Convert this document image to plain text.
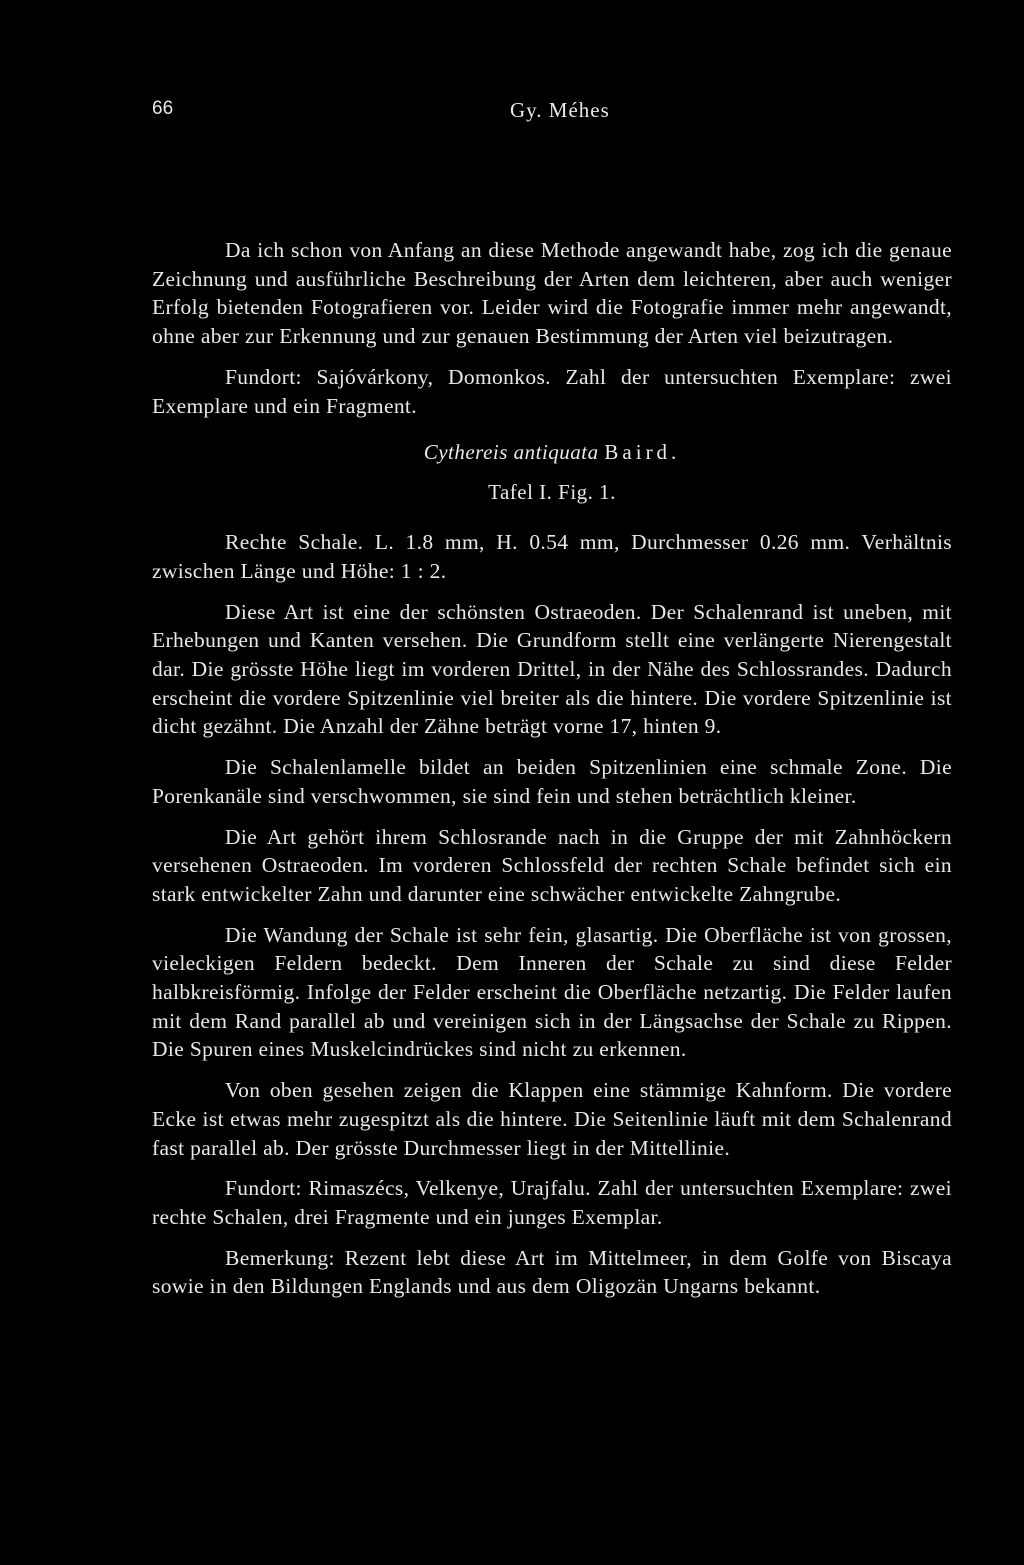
66	Gy. Méhes

Da ich schon von Anfang an diese Methode angewandt habe, zog ich die genaue Zeichnung und ausführliche Beschreibung der Arten dem leichteren, aber auch weniger Erfolg bietenden Fotografieren vor. Leider wird die Fotografie immer mehr angewandt, ohne aber zur Erkennung und zur genauen Bestimmung der Arten viel beizutragen.

Fundort: Sajóvárkony, Domonkos. Zahl der untersuchten Exemplare: zwei Exemplare und ein Fragment.

Cythereis antiquata Baird.
Tafel I. Fig. 1.

Rechte Schale. L. 1.8 mm, H. 0.54 mm, Durchmesser 0.26 mm. Verhältnis zwischen Länge und Höhe: 1 : 2.

Diese Art ist eine der schönsten Ostraeoden. Der Schalenrand ist uneben, mit Erhebungen und Kanten versehen. Die Grundform stellt eine verlängerte Nierengestalt dar. Die grösste Höhe liegt im vorderen Drittel, in der Nähe des Schlossrandes. Dadurch erscheint die vordere Spitzenlinie viel breiter als die hintere. Die vordere Spitzenlinie ist dicht gezähnt. Die Anzahl der Zähne beträgt vorne 17, hinten 9.

Die Schalenlamelle bildet an beiden Spitzenlinien eine schmale Zone. Die Porenkanäle sind verschwommen, sie sind fein und stehen beträchtlich kleiner.

Die Art gehört ihrem Schlosrande nach in die Gruppe der mit Zahnhöckern versehenen Ostraeoden. Im vorderen Schlossfeld der rechten Schale befindet sich ein stark entwickelter Zahn und darunter eine schwächer entwickelte Zahngrube.

Die Wandung der Schale ist sehr fein, glasartig. Die Oberfläche ist von grossen, vieleckigen Feldern bedeckt. Dem Inneren der Schale zu sind diese Felder halbkreisförmig. Infolge der Felder erscheint die Oberfläche netzartig. Die Felder laufen mit dem Rand parallel ab und vereinigen sich in der Längsachse der Schale zu Rippen. Die Spuren eines Muskelcindrückes sind nicht zu erkennen.

Von oben gesehen zeigen die Klappen eine stämmige Kahnform. Die vordere Ecke ist etwas mehr zugespitzt als die hintere. Die Seitenlinie läuft mit dem Schalenrand fast parallel ab. Der grösste Durchmesser liegt in der Mittellinie.

Fundort: Rimaszécs, Velkenye, Urajfalu. Zahl der untersuchten Exemplare: zwei rechte Schalen, drei Fragmente und ein junges Exemplar.

Bemerkung: Rezent lebt diese Art im Mittelmeer, in dem Golfe von Biscaya sowie in den Bildungen Englands und aus dem Oligozän Ungarns bekannt.
